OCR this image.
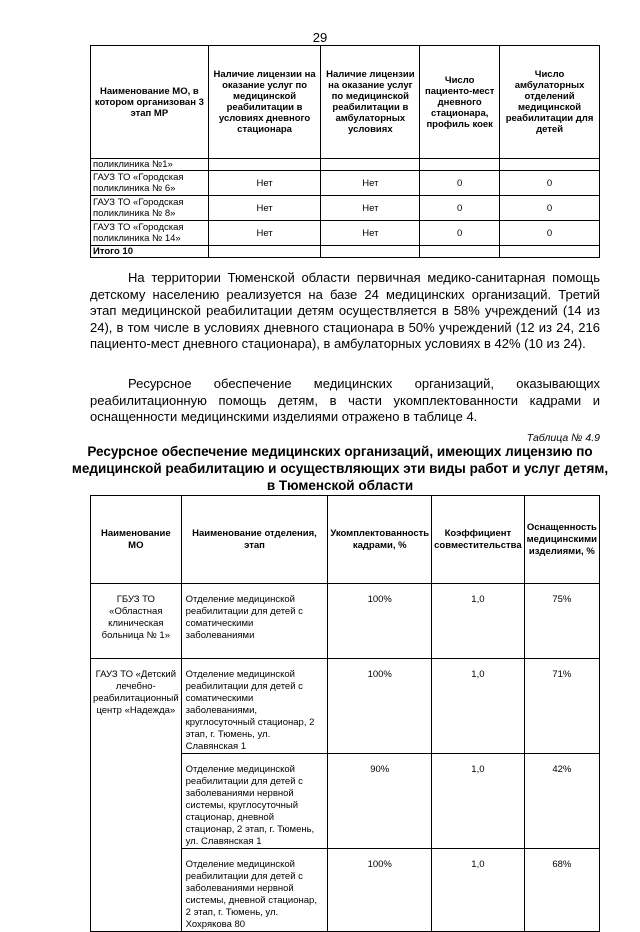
29
Наименование МО, в котором организован 3 этап МР	Наличие лицензии на оказание услуг по медицинской реабилитации в условиях дневного стационара	Наличие лицензии на оказание услуг по медицинской реабилитации в амбулаторных условиях	Число пациенто-мест дневного стационара, профиль коек	Число амбулаторных отделений медицинской реабилитации для детей
поликлиника №1»				
ГАУЗ ТО «Городская поликлиника № 6»	Нет	Нет	0	0
ГАУЗ ТО «Городская поликлиника № 8»	Нет	Нет	0	0
ГАУЗ ТО «Городская поликлиника № 14»	Нет	Нет	0	0
Итого 10				

На территории Тюменской области первичная медико-санитарная помощь детскому населению реализуется на базе 24 медицинских организаций. Третий этап медицинской реабилитации детям осуществляется в 58% учреждений (14 из 24), в том числе в условиях дневного стационара в 50% учреждений (12 из 24, 216 пациенто-мест дневного стационара), в амбулаторных условиях в 42% (10 из 24).

Ресурсное обеспечение медицинских организаций, оказывающих реабилитационную помощь детям, в части укомплектованности кадрами и оснащенности медицинскими изделиями отражено в таблице 4.

Таблица № 4.9

Ресурсное обеспечение медицинских организаций, имеющих лицензию по медицинской реабилитацию и осуществляющих эти виды работ и услуг детям, в Тюменской области

Наименование МО	Наименование отделения, этап	Укомплектованность кадрами, %	Коэффициент совместительства	Оснащенность медицинскими изделиями, %
ГБУЗ ТО «Областная клиническая больница № 1»	Отделение медицинской реабилитации для детей с соматическими заболеваниями	100%	1,0	75%
ГАУЗ ТО «Детский лечебно-реабилитационный центр «Надежда»	Отделение медицинской реабилитации для детей с соматическими заболеваниями, круглосуточный стационар, 2 этап, г. Тюмень, ул. Славянская 1	100%	1,0	71%
	Отделение медицинской реабилитации для детей с заболеваниями нервной системы, круглосуточный стационар, дневной стационар, 2 этап, г. Тюмень, ул. Славянская 1	90%	1,0	42%
	Отделение медицинской реабилитации для детей с заболеваниями нервной системы, дневной стационар, 2 этап, г. Тюмень, ул. Хохрякова 80	100%	1,0	68%
